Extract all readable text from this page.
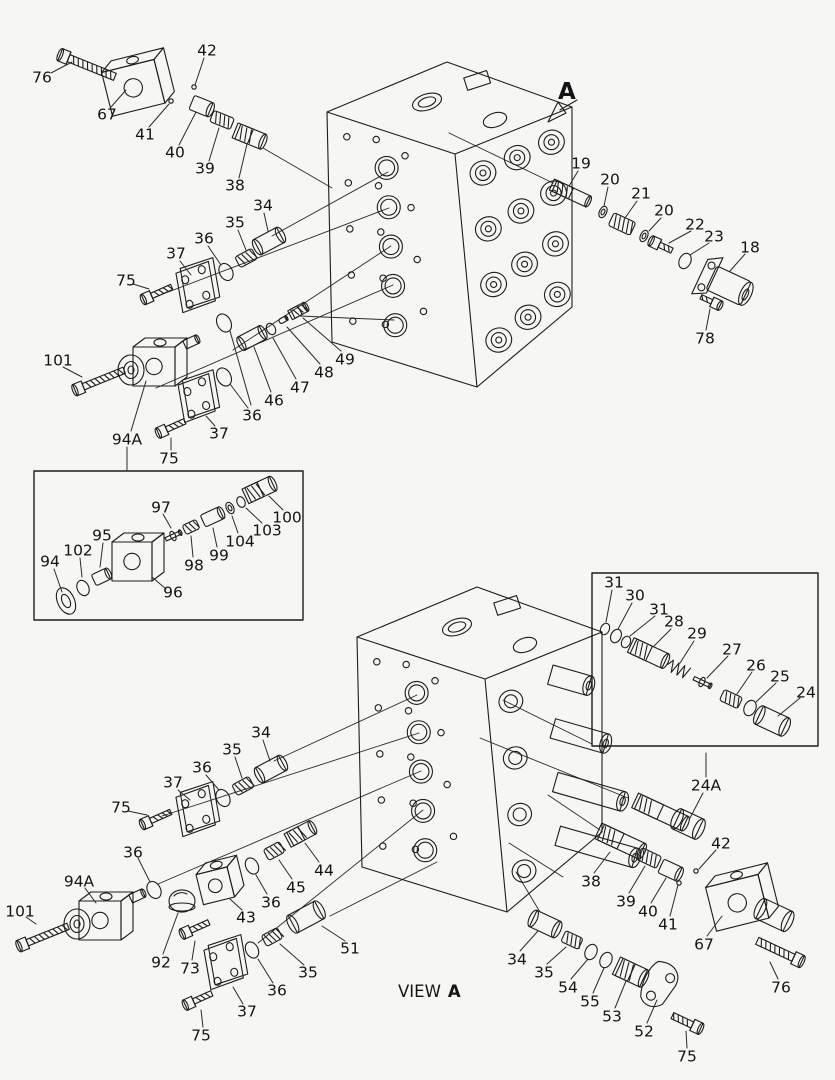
76
67
41
42
40
39
38
34
35
36
37
75
46
47
48
49
101
94A
75
37
36
94
102
95
96
97
98
99
104
103
100
31
30
31
28
29
27
26
25
24
24A
34
35
36
37
75
36
94A
101
92 73
43
36
45
44
36
35
51
37
75
34
35
54
55
53
52
75
38
39
40
41
42
67
76
19
20
21
20
22
23
18
78
A
VIEW A
